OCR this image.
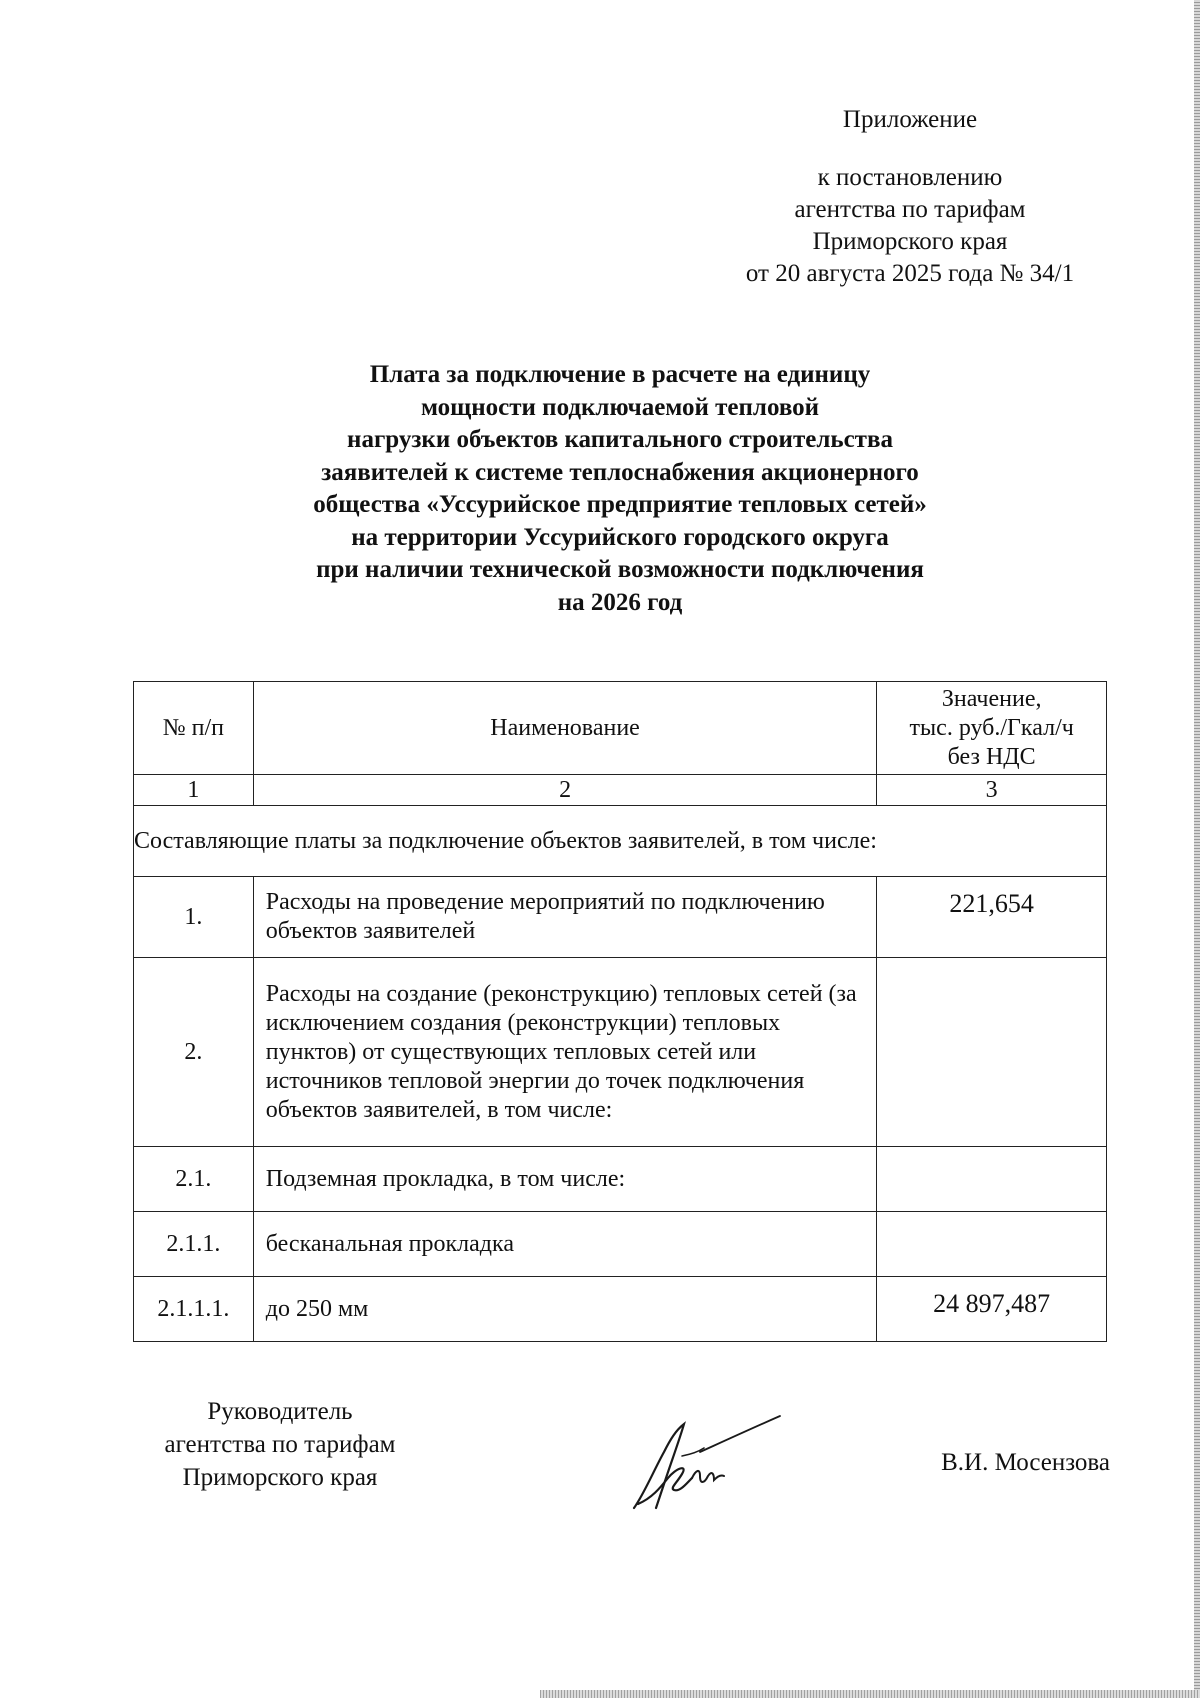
Приложение
к постановлению
агентства по тарифам
Приморского края
от 20 августа 2025 года № 34/1
Плата за подключение в расчете на единицу
мощности подключаемой тепловой
нагрузки объектов капитального строительства
заявителей к системе теплоснабжения акционерного
общества «Уссурийское предприятие тепловых сетей»
на территории Уссурийского городского округа
при наличии технической возможности подключения
на 2026 год
№ п/п	Наименование	Значение,
тыс. руб./Гкал/ч
без НДС

1	2	3
Составляющие платы за подключение объектов заявителей, в том числе:		
1.	Расходы на проведение мероприятий по подключению объектов заявителей	221,654
2.	Расходы на создание (реконструкцию) тепловых сетей (за исключением создания (реконструкции) тепловых пунктов) от существующих тепловых сетей или источников тепловой энергии до точек подключения объектов заявителей, в том числе:	
2.1.	Подземная прокладка, в том числе:	
2.1.1.	бесканальная прокладка	
2.1.1.1.	до 250 мм	24 897,487
Руководитель
агентства по тарифам
Приморского края
В.И. Мосензова
